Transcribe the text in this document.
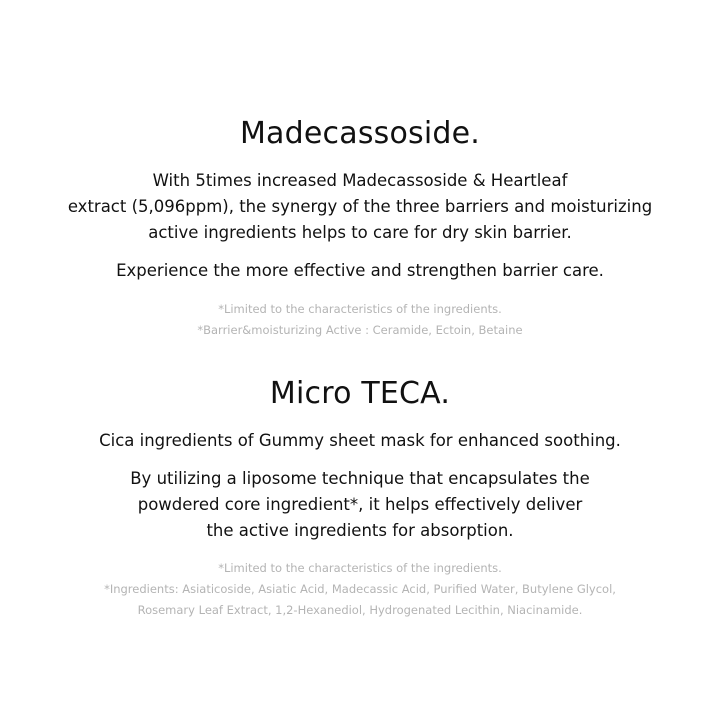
Madecassoside.

With 5times increased Madecassoside & Heartleaf
extract (5,096ppm), the synergy of the three barriers and moisturizing
active ingredients helps to care for dry skin barrier.

Experience the more effective and strengthen barrier care.

*Limited to the characteristics of the ingredients.

*Barrier&moisturizing Active : Ceramide, Ectoin, Betaine

Micro TECA.

Cica ingredients of Gummy sheet mask for enhanced soothing.

By utilizing a liposome technique that encapsulates the
powdered core ingredient*, it helps effectively deliver
the active ingredients for absorption.

*Limited to the characteristics of the ingredients.

*Ingredients: Asiaticoside, Asiatic Acid, Madecassic Acid, Purified Water, Butylene Glycol,

Rosemary Leaf Extract, 1,2-Hexanediol, Hydrogenated Lecithin, Niacinamide.
